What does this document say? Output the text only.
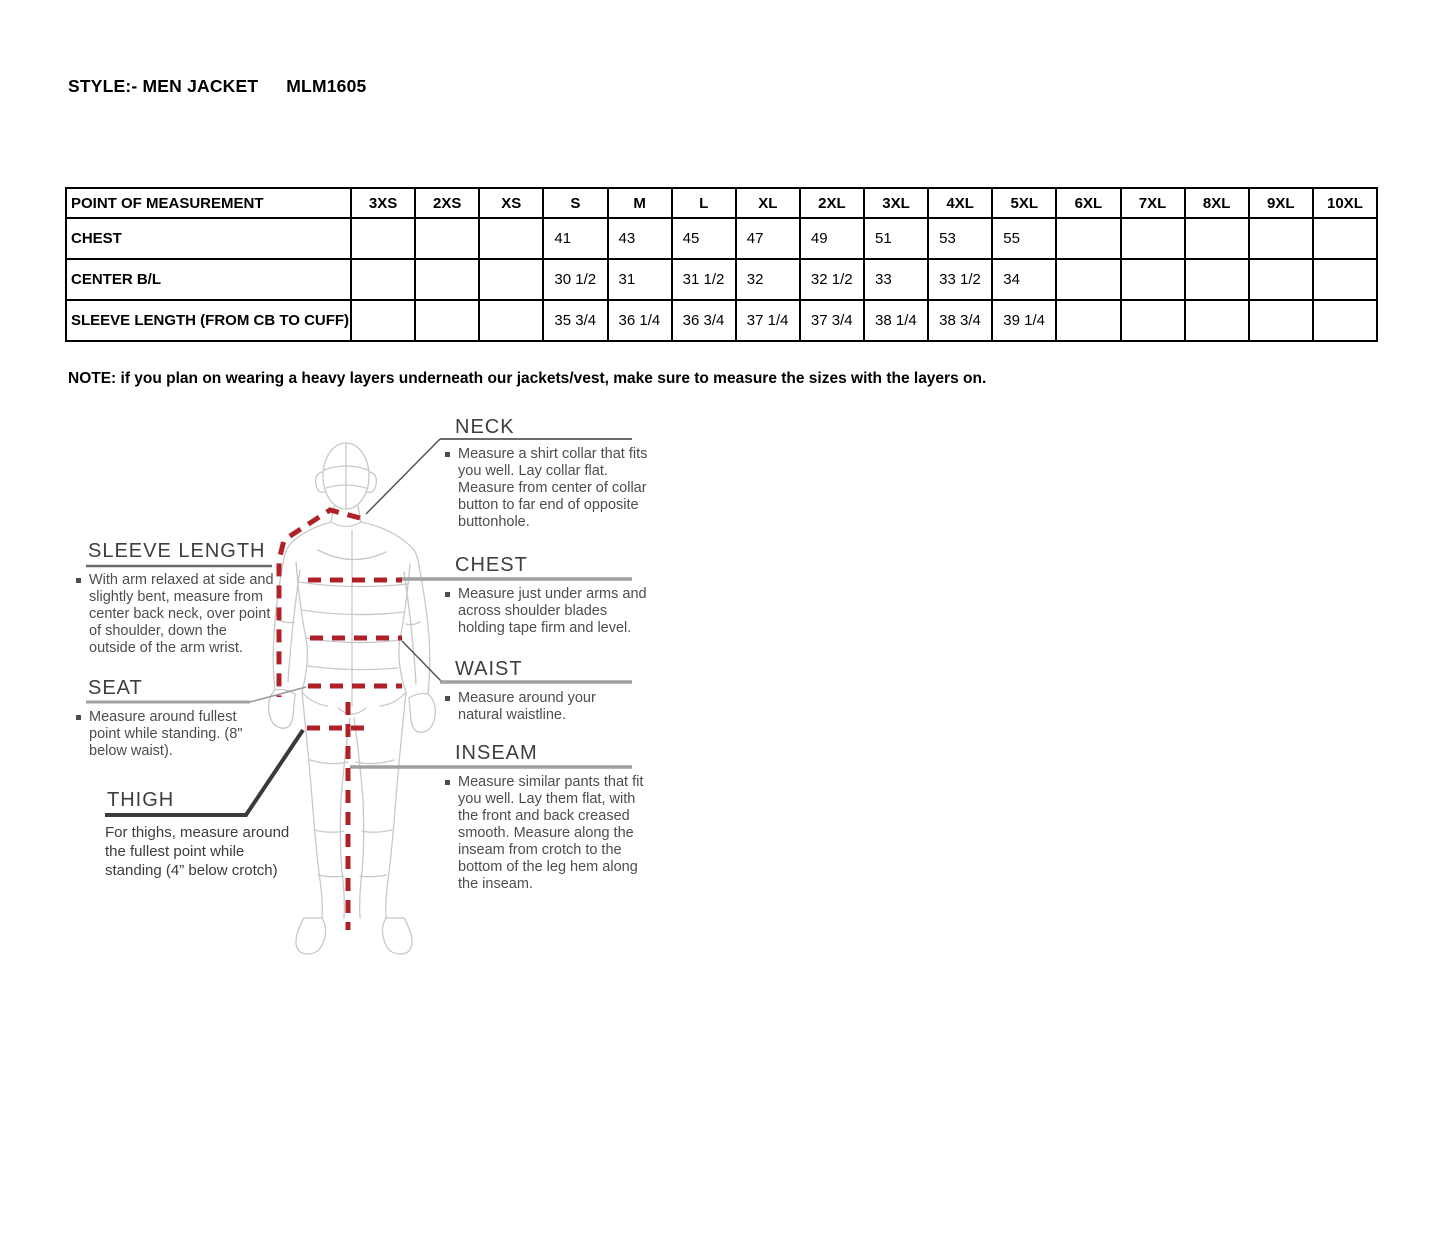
STYLE:- MEN JACKET MLM1605
POINT OF MEASUREMENT	3XS	2XS	XS	S	M	L	XL	2XL	3XL	4XL	5XL	6XL	7XL	8XL	9XL	10XL
CHEST				41	43	45	47	49	51	53	55					
CENTER B/L				30 1/2	31	31 1/2	32	32 1/2	33	33 1/2	34					
SLEEVE LENGTH (FROM CB TO CUFF)				35 3/4	36 1/4	36 3/4	37 1/4	37 3/4	38 1/4	38 3/4	39 1/4					
NOTE: if you plan on wearing a heavy layers underneath our jackets/vest, make sure to measure the sizes with the layers on.
NECK
Measure a shirt collar that fits you well. Lay collar flat. Measure from center of collar button to far end of opposite buttonhole.
CHEST
Measure just under arms and across shoulder blades holding tape firm and level.
WAIST
Measure around your natural waistline.
INSEAM
Measure similar pants that fit you well. Lay them flat, with the front and back creased smooth. Measure along the inseam from crotch to the bottom of the leg hem along the inseam.
SLEEVE LENGTH
With arm relaxed at side and slightly bent, measure from center back neck, over point of shoulder, down the outside of the arm wrist.
SEAT
Measure around fullest point while standing. (8" below waist).
THIGH
For thighs, measure around the fullest point while standing (4” below crotch)
